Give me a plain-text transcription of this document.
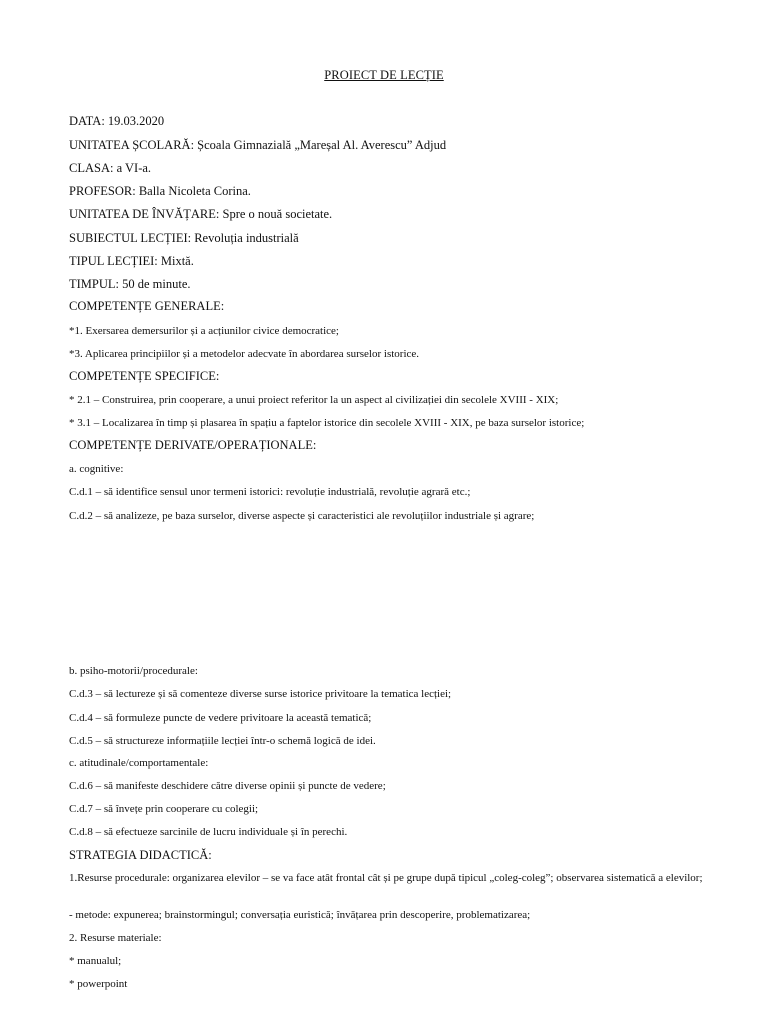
PROIECT DE LECȚIE
DATA: 19.03.2020
UNITATEA ȘCOLARĂ: Școala Gimnazială „Mareșal Al. Averescu” Adjud
CLASA: a VI-a.
PROFESOR: Balla Nicoleta Corina.
UNITATEA DE ÎNVĂȚARE: Spre o nouă societate.
SUBIECTUL LECȚIEI: Revoluția industrială
TIPUL LECȚIEI: Mixtă.
TIMPUL: 50 de minute.
COMPETENȚE GENERALE:
*1. Exersarea demersurilor și a acțiunilor civice democratice;
*3. Aplicarea principiilor și a metodelor adecvate în abordarea surselor istorice.
COMPETENȚE SPECIFICE:
* 2.1 – Construirea, prin cooperare, a unui proiect referitor la un aspect al civilizației din secolele XVIII - XIX;
* 3.1 – Localizarea în timp și plasarea în spațiu a faptelor istorice din secolele XVIII - XIX, pe baza surselor istorice;
COMPETENȚE DERIVATE/OPERAȚIONALE:
a. cognitive:
C.d.1 – să identifice sensul unor termeni istorici: revoluție industrială, revoluție agrară etc.;
C.d.2 – să analizeze, pe baza surselor, diverse aspecte și caracteristici ale revoluțiilor industriale și agrare;
b. psiho-motorii/procedurale:
C.d.3 – să lectureze și să comenteze diverse surse istorice privitoare la tematica lecției;
C.d.4 – să formuleze puncte de vedere privitoare la această tematică;
C.d.5 – să structureze informațiile lecției într-o schemă logică de idei.
c. atitudinale/comportamentale:
C.d.6 – să manifeste deschidere către diverse opinii și puncte de vedere;
C.d.7 – să învețe prin cooperare cu colegii;
C.d.8 – să efectueze sarcinile de lucru individuale și în perechi.
STRATEGIA DIDACTICĂ:
1.Resurse procedurale: organizarea elevilor – se va face atât frontal cât și pe grupe după tipicul „coleg-coleg”; observarea sistematică a elevilor;
- metode: expunerea; brainstormingul; conversația euristică; învățarea prin descoperire, problematizarea;
2. Resurse materiale:
* manualul;
* powerpoint
